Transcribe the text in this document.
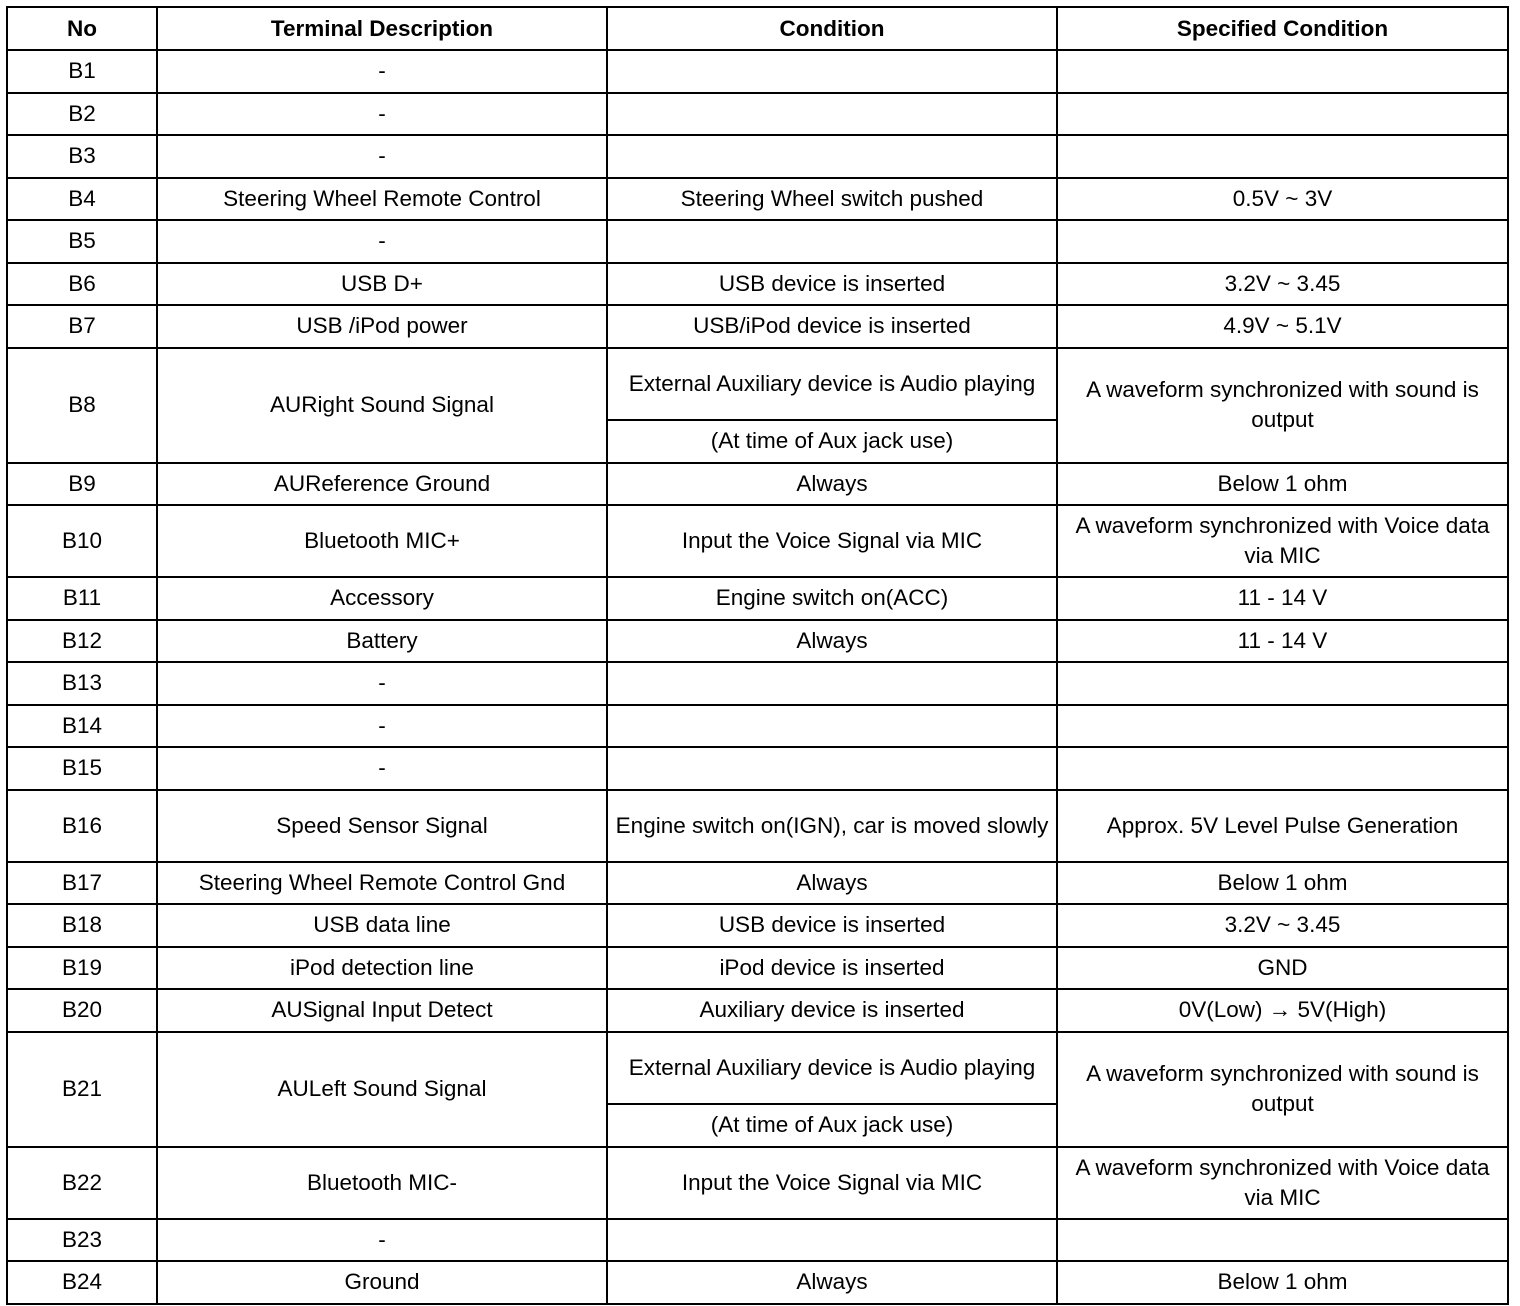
No	Terminal Description	Condition	Specified Condition
B1	-		
B2	-		
B3	-		
B4	Steering Wheel Remote Control	Steering Wheel switch pushed	0.5V ~ 3V
B5	-		
B6	USB D+	USB device is inserted	3.2V ~ 3.45
B7	USB /iPod power	USB/iPod device is inserted	4.9V ~ 5.1V
B8	AURight Sound Signal	External Auxiliary device is Audio playing	A waveform synchronized with sound is output
		(At time of Aux jack use)	
B9	AUReference Ground	Always	Below 1 ohm
B10	Bluetooth MIC+	Input the Voice Signal via MIC	A waveform synchronized with Voice data via MIC
B11	Accessory	Engine switch on(ACC)	11 - 14 V
B12	Battery	Always	11 - 14 V
B13	-		
B14	-		
B15	-		
B16	Speed Sensor Signal	Engine switch on(IGN), car is moved slowly	Approx. 5V Level Pulse Generation
B17	Steering Wheel Remote Control Gnd	Always	Below 1 ohm
B18	USB data line	USB device is inserted	3.2V ~ 3.45
B19	iPod detection line	iPod device is inserted	GND
B20	AUSignal Input Detect	Auxiliary device is inserted	0V(Low) → 5V(High)
B21	AULeft Sound Signal	External Auxiliary device is Audio playing	A waveform synchronized with sound is output
		(At time of Aux jack use)	
B22	Bluetooth MIC-	Input the Voice Signal via MIC	A waveform synchronized with Voice data via MIC
B23	-		
B24	Ground	Always	Below 1 ohm
